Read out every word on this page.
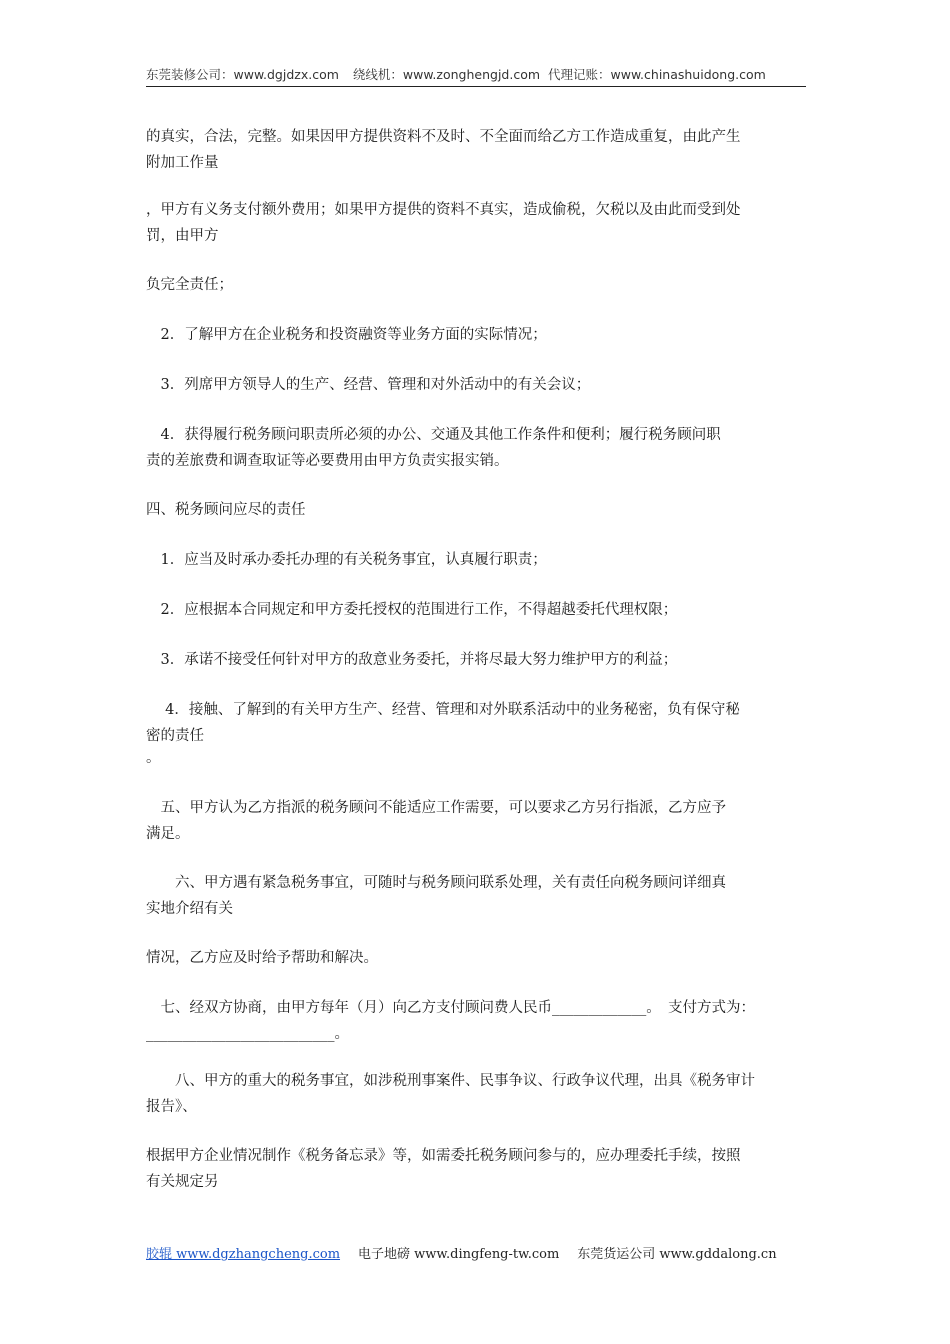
东莞装修公司：www.dgjdzx.com 绕线机：www.zonghengjd.com 代理记账：www.chinashuidong.com
的真实，合法，完整。如果因甲方提供资料不及时、不全面而给乙方工作造成重复，由此产生
附加工作量
，甲方有义务支付额外费用；如果甲方提供的资料不真实，造成偷税，欠税以及由此而受到处
罚，由甲方
负完全责任；
　2．了解甲方在企业税务和投资融资等业务方面的实际情况；
　3．列席甲方领导人的生产、经营、管理和对外活动中的有关会议；
　4．获得履行税务顾问职责所必须的办公、交通及其他工作条件和便利；履行税务顾问职
责的差旅费和调查取证等必要费用由甲方负责实报实销。
四、税务顾问应尽的责任
　1．应当及时承办委托办理的有关税务事宜，认真履行职责；
　2．应根据本合同规定和甲方委托授权的范围进行工作，不得超越委托代理权限；
　3．承诺不接受任何针对甲方的敌意业务委托，并将尽最大努力维护甲方的利益；
　 4．接触、了解到的有关甲方生产、经营、管理和对外联系活动中的业务秘密，负有保守秘
密的责任
。
　五、甲方认为乙方指派的税务顾问不能适应工作需要，可以要求乙方另行指派，乙方应予
满足。
　　六、甲方遇有紧急税务事宜，可随时与税务顾问联系处理，关有责任向税务顾问详细真
实地介绍有关
情况，乙方应及时给予帮助和解决。
　七、经双方协商，由甲方每年（月）向乙方支付顾问费人民币_____________。　支付方式为：
__________________________。
　　八、甲方的重大的税务事宜，如涉税刑事案件、民事争议、行政争议代理，出具《税务审计
报告》、
根据甲方企业情况制作《税务备忘录》等，如需委托税务顾问参与的，应办理委托手续，按照
有关规定另
胶辊 www.dgzhangcheng.com 电子地磅 www.dingfeng-tw.com 东莞货运公司 www.gddalong.cn
